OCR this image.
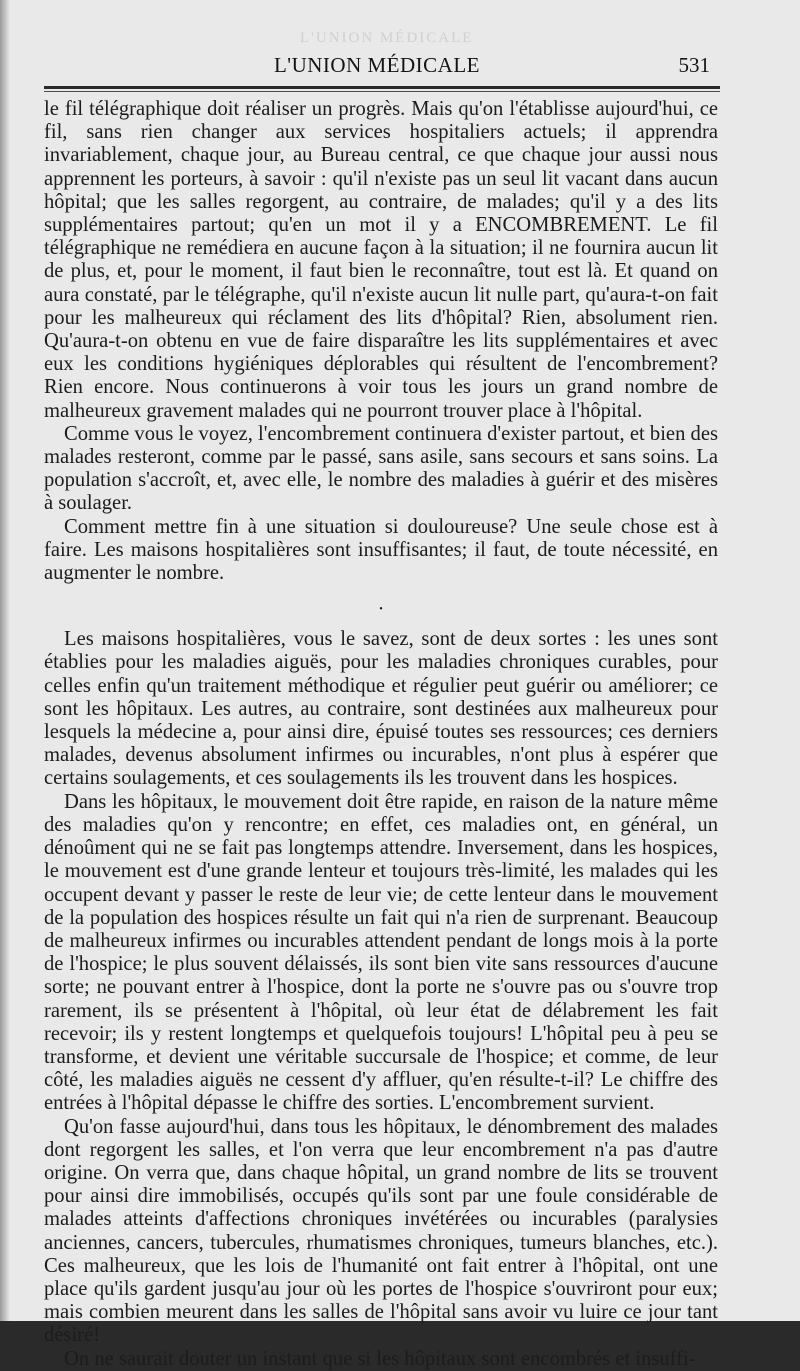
L'UNION MÉDICALE
L'UNION MÉDICALE	531

le fil télégraphique doit réaliser un progrès. Mais qu'on l'établisse aujourd'hui, ce fil, sans rien changer aux services hospitaliers actuels; il apprendra invariablement, chaque jour, au Bureau central, ce que chaque jour aussi nous apprennent les porteurs, à savoir : qu'il n'existe pas un seul lit vacant dans aucun hôpital; que les salles regorgent, au contraire, de malades; qu'il y a des lits supplémentaires partout; qu'en un mot il y a ENCOMBREMENT. Le fil télégraphique ne remédiera en aucune façon à la situation; il ne fournira aucun lit de plus, et, pour le moment, il faut bien le reconnaître, tout est là. Et quand on aura constaté, par le télégraphe, qu'il n'existe aucun lit nulle part, qu'aura-t-on fait pour les malheureux qui réclament des lits d'hôpital? Rien, absolument rien. Qu'aura-t-on obtenu en vue de faire disparaître les lits supplémentaires et avec eux les conditions hygiéniques déplorables qui résultent de l'encombrement? Rien encore. Nous continuerons à voir tous les jours un grand nombre de malheureux gravement malades qui ne pourront trouver place à l'hôpital.

Comme vous le voyez, l'encombrement continuera d'exister partout, et bien des malades resteront, comme par le passé, sans asile, sans secours et sans soins. La population s'accroît, et, avec elle, le nombre des maladies à guérir et des misères à soulager.

Comment mettre fin à une situation si douloureuse? Une seule chose est à faire. Les maisons hospitalières sont insuffisantes; il faut, de toute nécessité, en augmenter le nombre.

•

Les maisons hospitalières, vous le savez, sont de deux sortes : les unes sont établies pour les maladies aiguës, pour les maladies chroniques curables, pour celles enfin qu'un traitement méthodique et régulier peut guérir ou améliorer; ce sont les hôpitaux. Les autres, au contraire, sont destinées aux malheureux pour lesquels la médecine a, pour ainsi dire, épuisé toutes ses ressources; ces derniers malades, devenus absolument infirmes ou incurables, n'ont plus à espérer que certains soulagements, et ces soulagements ils les trouvent dans les hospices.

Dans les hôpitaux, le mouvement doit être rapide, en raison de la nature même des maladies qu'on y rencontre; en effet, ces maladies ont, en général, un dénoûment qui ne se fait pas longtemps attendre. Inversement, dans les hospices, le mouvement est d'une grande lenteur et toujours très-limité, les malades qui les occupent devant y passer le reste de leur vie; de cette lenteur dans le mouvement de la population des hospices résulte un fait qui n'a rien de surprenant. Beaucoup de malheureux infirmes ou incurables attendent pendant de longs mois à la porte de l'hospice; le plus souvent délaissés, ils sont bien vite sans ressources d'aucune sorte; ne pouvant entrer à l'hospice, dont la porte ne s'ouvre pas ou s'ouvre trop rarement, ils se présentent à l'hôpital, où leur état de délabrement les fait recevoir; ils y restent longtemps et quelquefois toujours! L'hôpital peu à peu se transforme, et devient une véritable succursale de l'hospice; et comme, de leur côté, les maladies aiguës ne cessent d'y affluer, qu'en résulte-t-il? Le chiffre des entrées à l'hôpital dépasse le chiffre des sorties. L'encombrement survient.

Qu'on fasse aujourd'hui, dans tous les hôpitaux, le dénombrement des malades dont regorgent les salles, et l'on verra que leur encombrement n'a pas d'autre origine. On verra que, dans chaque hôpital, un grand nombre de lits se trouvent pour ainsi dire immobilisés, occupés qu'ils sont par une foule considérable de malades atteints d'affections chroniques invétérées ou incurables (paralysies anciennes, cancers, tubercules, rhumatismes chroniques, tumeurs blanches, etc.). Ces malheureux, que les lois de l'humanité ont fait entrer à l'hôpital, ont une place qu'ils gardent jusqu'au jour où les portes de l'hospice s'ouvriront pour eux; mais combien meurent dans les salles de l'hôpital sans avoir vu luire ce jour tant désiré!

On ne saurait douter un instant que si les hôpitaux sont encombrés et insuffi-
